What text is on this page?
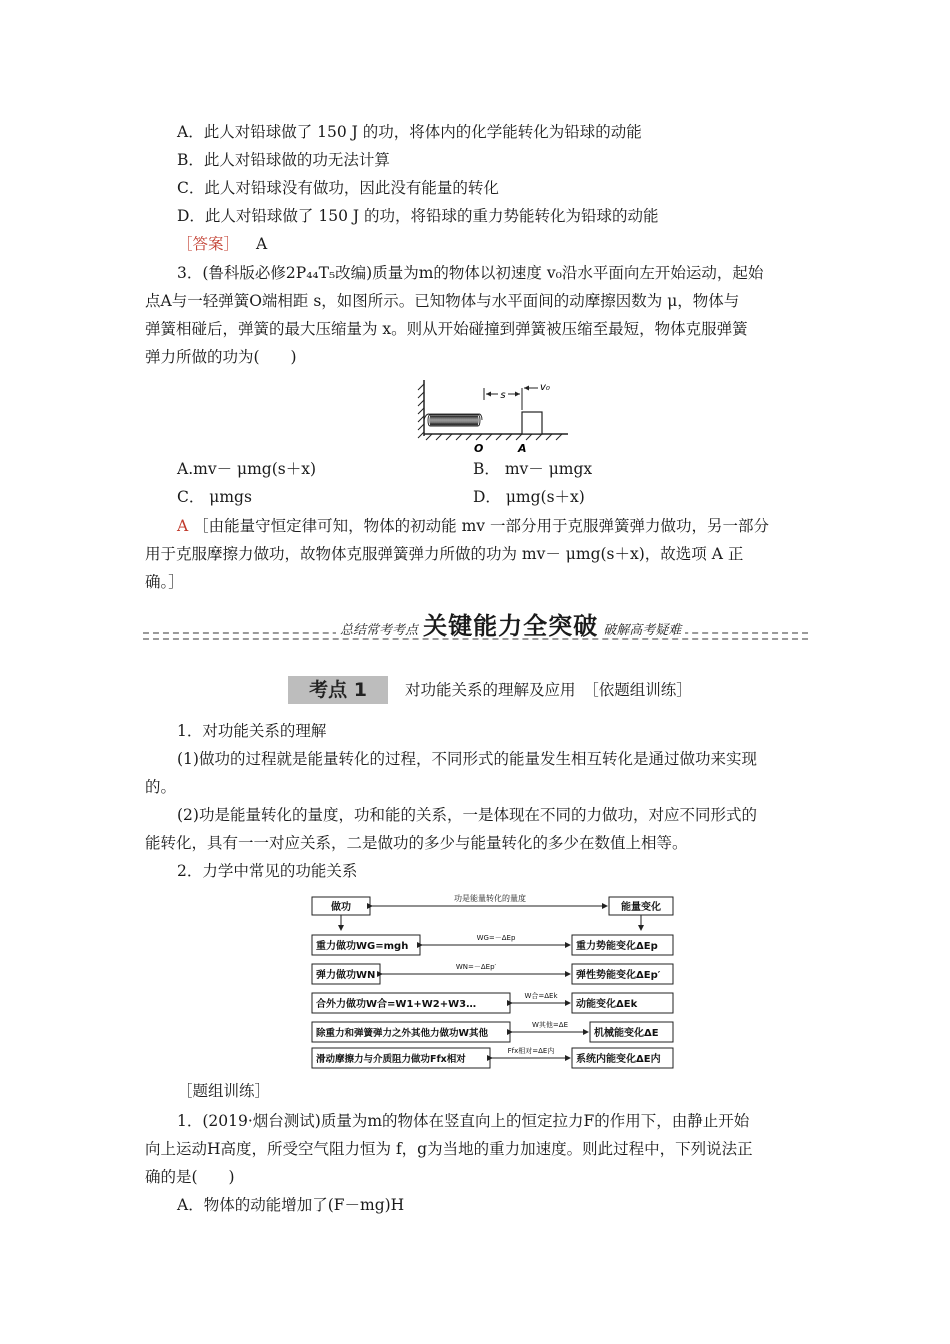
A．此人对铅球做了 150 J 的功，将体内的化学能转化为铅球的动能
B．此人对铅球做的功无法计算
C．此人对铅球没有做功，因此没有能量的转化
D．此人对铅球做了 150 J 的功，将铅球的重力势能转化为铅球的动能
［答案］ A
3．(鲁科版必修2P₄₄T₅改编)质量为m的物体以初速度 v₀沿水平面向左开始运动，起始
点A与一轻弹簧O端相距 s，如图所示。已知物体与水平面间的动摩擦因数为 μ，物体与
弹簧相碰后，弹簧的最大压缩量为 x。则从开始碰撞到弹簧被压缩至最短，物体克服弹簧
弹力所做的功为(　　)
s
v₀
O	A
A.mv－ μmg(s＋x)	B． mv－ μmgx
C． μmgs	D． μmg(s＋x)
A ［由能量守恒定律可知，物体的初动能 mv 一部分用于克服弹簧弹力做功，另一部分
用于克服摩擦力做功，故物体克服弹簧弹力所做的功为 mv－ μmg(s＋x)，故选项 A 正
确。］
总结常考考点 关键能力全突破 破解高考疑难
考点 1	对功能关系的理解及应用　［依题组训练］
1．对功能关系的理解
(1)做功的过程就是能量转化的过程，不同形式的能量发生相互转化是通过做功来实现
的。
(2)功是能量转化的量度，功和能的关系，一是体现在不同的力做功，对应不同形式的
能转化，具有一一对应关系，二是做功的多少与能量转化的多少在数值上相等。
2．力学中常见的功能关系
做功	能量变化
功是能量转化的量度
重力做功WG=mgh	重力势能变化ΔEp
WG=－ΔEp
弹力做功WN	弹性势能变化ΔEp′
WN=－ΔEp′
合外力做功W合=W1+W2+W3…	动能变化ΔEk
W合=ΔEk
除重力和弹簧弹力之外其他力做功W其他	机械能变化ΔE
W其他=ΔE
滑动摩擦力与介质阻力做功Ffx相对	系统内能变化ΔE内
Ffx相对=ΔE内
［题组训练］
1．(2019·烟台测试)质量为m的物体在竖直向上的恒定拉力F的作用下，由静止开始
向上运动H高度，所受空气阻力恒为 f，g为当地的重力加速度。则此过程中，下列说法正
确的是(　　)
A．物体的动能增加了(F－mg)H
